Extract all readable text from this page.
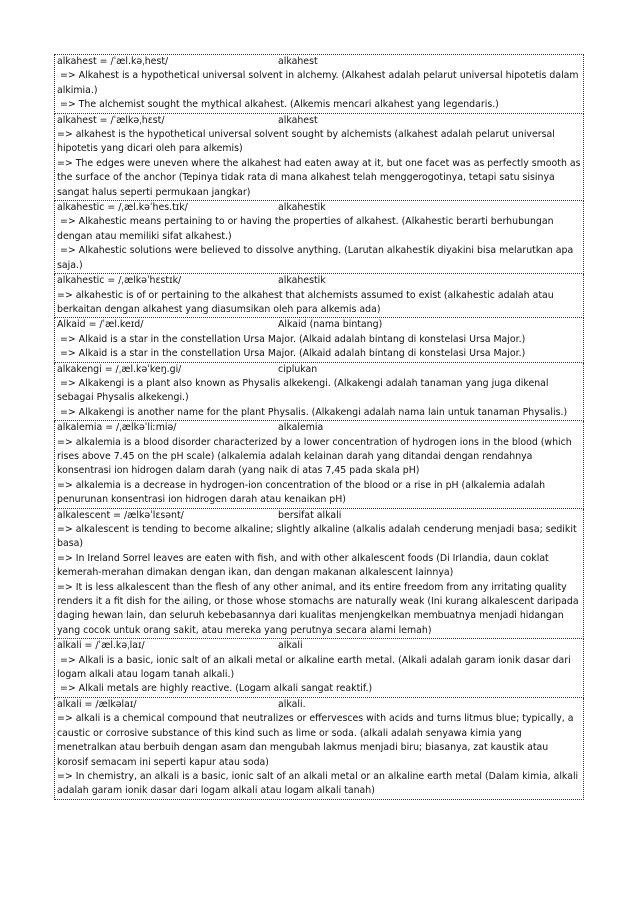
alkahest = /ˈæl.kəˌhest/	alkahest
=> Alkahest is a hypothetical universal solvent in alchemy. (Alkahest adalah pelarut universal hipotetis dalam alkimia.)
=> The alchemist sought the mythical alkahest. (Alkemis mencari alkahest yang legendaris.)
alkahest = /ˈælkəˌhɛst/	alkahest
=> alkahest is the hypothetical universal solvent sought by alchemists (alkahest adalah pelarut universal hipotetis yang dicari oleh para alkemis)
=> The edges were uneven where the alkahest had eaten away at it, but one facet was as perfectly smooth as the surface of the anchor (Tepinya tidak rata di mana alkahest telah menggerogotinya, tetapi satu sisinya sangat halus seperti permukaan jangkar)
alkahestic = /ˌæl.kəˈhes.tɪk/	alkahestik
=> Alkahestic means pertaining to or having the properties of alkahest. (Alkahestic berarti berhubungan dengan atau memiliki sifat alkahest.)
=> Alkahestic solutions were believed to dissolve anything. (Larutan alkahestik diyakini bisa melarutkan apa saja.)
alkahestic = /ˌælkəˈhɛstɪk/	alkahestik
=> alkahestic is of or pertaining to the alkahest that alchemists assumed to exist (alkahestic adalah atau berkaitan dengan alkahest yang diasumsikan oleh para alkemis ada)
Alkaid = /ˈæl.keɪd/	Alkaid (nama bintang)
=> Alkaid is a star in the constellation Ursa Major. (Alkaid adalah bintang di konstelasi Ursa Major.)
=> Alkaid is a star in the constellation Ursa Major. (Alkaid adalah bintang di konstelasi Ursa Major.)
alkakengi = /ˌæl.kəˈkeŋ.gi/	ciplukan
=> Alkakengi is a plant also known as Physalis alkekengi. (Alkakengi adalah tanaman yang juga dikenal sebagai Physalis alkekengi.)
=> Alkakengi is another name for the plant Physalis. (Alkakengi adalah nama lain untuk tanaman Physalis.)
alkalemia = /ˌælkəˈliːmiə/	alkalemia
=> alkalemia is a blood disorder characterized by a lower concentration of hydrogen ions in the blood (which rises above 7.45 on the pH scale) (alkalemia adalah kelainan darah yang ditandai dengan rendahnya konsentrasi ion hidrogen dalam darah (yang naik di atas 7,45 pada skala pH)
=> alkalemia is a decrease in hydrogen-ion concentration of the blood or a rise in pH (alkalemia adalah penurunan konsentrasi ion hidrogen darah atau kenaikan pH)
alkalescent = /ælkəˈlɛsənt/	bersifat alkali
=> alkalescent is tending to become alkaline; slightly alkaline (alkalis adalah cenderung menjadi basa; sedikit basa)
=> In Ireland Sorrel leaves are eaten with fish, and with other alkalescent foods (Di Irlandia, daun coklat kemerah-merahan dimakan dengan ikan, dan dengan makanan alkalescent lainnya)
=> It is less alkalescent than the flesh of any other animal, and its entire freedom from any irritating quality renders it a fit dish for the ailing, or those whose stomachs are naturally weak (Ini kurang alkalescent daripada daging hewan lain, dan seluruh kebebasannya dari kualitas menjengkelkan membuatnya menjadi hidangan yang cocok untuk orang sakit, atau mereka yang perutnya secara alami lemah)
alkali = /ˈæl.kəˌlaɪ/	alkali
=> Alkali is a basic, ionic salt of an alkali metal or alkaline earth metal. (Alkali adalah garam ionik dasar dari logam alkali atau logam tanah alkali.)
=> Alkali metals are highly reactive. (Logam alkali sangat reaktif.)
alkali = /ælkəlaɪ/	alkali.
=> alkali is a chemical compound that neutralizes or effervesces with acids and turns litmus blue; typically, a caustic or corrosive substance of this kind such as lime or soda. (alkali adalah senyawa kimia yang menetralkan atau berbuih dengan asam dan mengubah lakmus menjadi biru; biasanya, zat kaustik atau korosif semacam ini seperti kapur atau soda)
=> In chemistry, an alkali is a basic, ionic salt of an alkali metal or an alkaline earth metal (Dalam kimia, alkali adalah garam ionik dasar dari logam alkali atau logam alkali tanah)
